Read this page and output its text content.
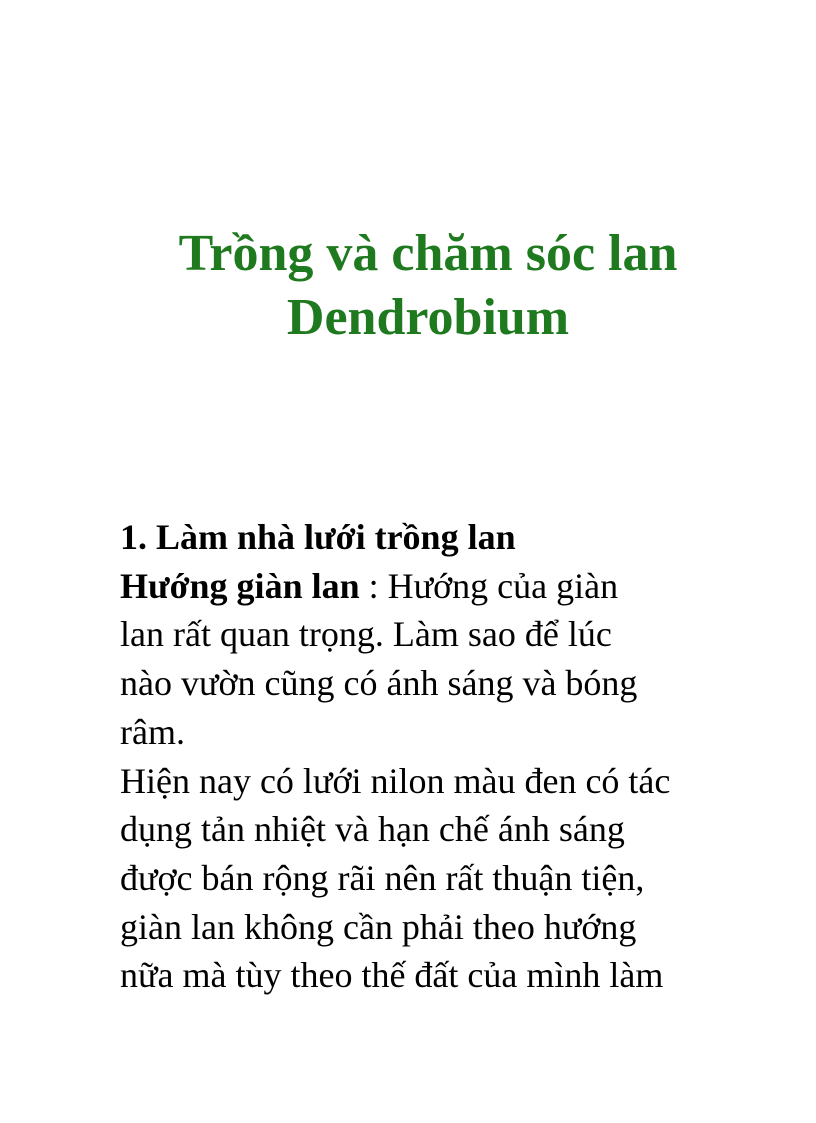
Trồng và chăm sóc lan
Dendrobium
1. Làm nhà lưới trồng lan
Hướng giàn lan : Hướng của giàn
lan rất quan trọng. Làm sao để lúc
nào vườn cũng có ánh sáng và bóng
râm.
Hiện nay có lưới nilon màu đen có tác
dụng tản nhiệt và hạn chế ánh sáng
được bán rộng rãi nên rất thuận tiện,
giàn lan không cần phải theo hướng
nữa mà tùy theo thế đất của mình làm
